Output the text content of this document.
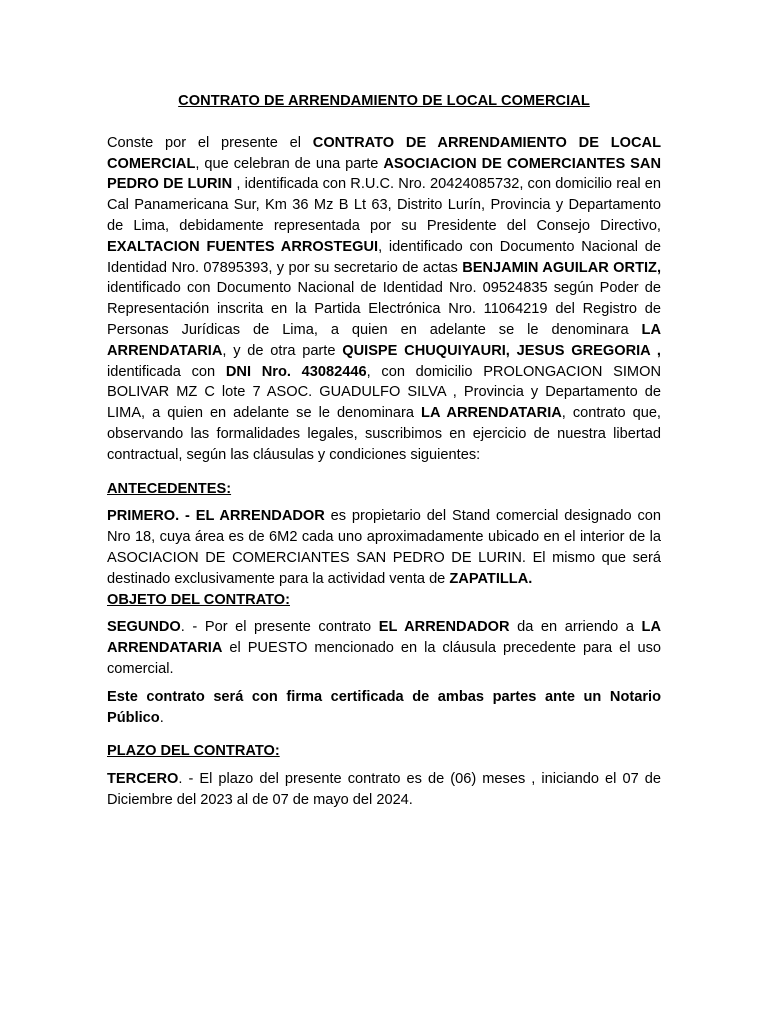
CONTRATO DE ARRENDAMIENTO DE LOCAL COMERCIAL

Conste por el presente el CONTRATO DE ARRENDAMIENTO DE LOCAL COMERCIAL, que celebran de una parte ASOCIACION DE COMERCIANTES SAN PEDRO DE LURIN , identificada con R.U.C. Nro. 20424085732, con domicilio real en Cal Panamericana Sur, Km 36 Mz B Lt 63, Distrito Lurín, Provincia y Departamento de Lima, debidamente representada por su Presidente del Consejo Directivo, EXALTACION FUENTES ARROSTEGUI, identificado con Documento Nacional de Identidad Nro. 07895393, y por su secretario de actas BENJAMIN AGUILAR ORTIZ, identificado con Documento Nacional de Identidad Nro. 09524835 según Poder de Representación inscrita en la Partida Electrónica Nro. 11064219 del Registro de Personas Jurídicas de Lima, a quien en adelante se le denominara LA ARRENDATARIA, y de otra parte QUISPE CHUQUIYAURI, JESUS GREGORIA , identificada con DNI Nro. 43082446, con domicilio PROLONGACION SIMON BOLIVAR MZ C lote 7 ASOC. GUADULFO SILVA , Provincia y Departamento de LIMA, a quien en adelante se le denominara LA ARRENDATARIA, contrato que, observando las formalidades legales, suscribimos en ejercicio de nuestra libertad contractual, según las cláusulas y condiciones siguientes:

ANTECEDENTES:

PRIMERO. - EL ARRENDADOR es propietario del Stand comercial designado con Nro 18, cuya área es de 6M2 cada uno aproximadamente ubicado en el interior de la ASOCIACION DE COMERCIANTES SAN PEDRO DE LURIN. El mismo que será destinado exclusivamente para la actividad venta de ZAPATILLA.

OBJETO DEL CONTRATO:

SEGUNDO. - Por el presente contrato EL ARRENDADOR da en arriendo a LA ARRENDATARIA el PUESTO mencionado en la cláusula precedente para el uso comercial.

Este contrato será con firma certificada de ambas partes ante un Notario Público.

PLAZO DEL CONTRATO:

TERCERO. - El plazo del presente contrato es de (06) meses , iniciando el 07 de Diciembre del 2023 al de 07 de mayo del 2024.
